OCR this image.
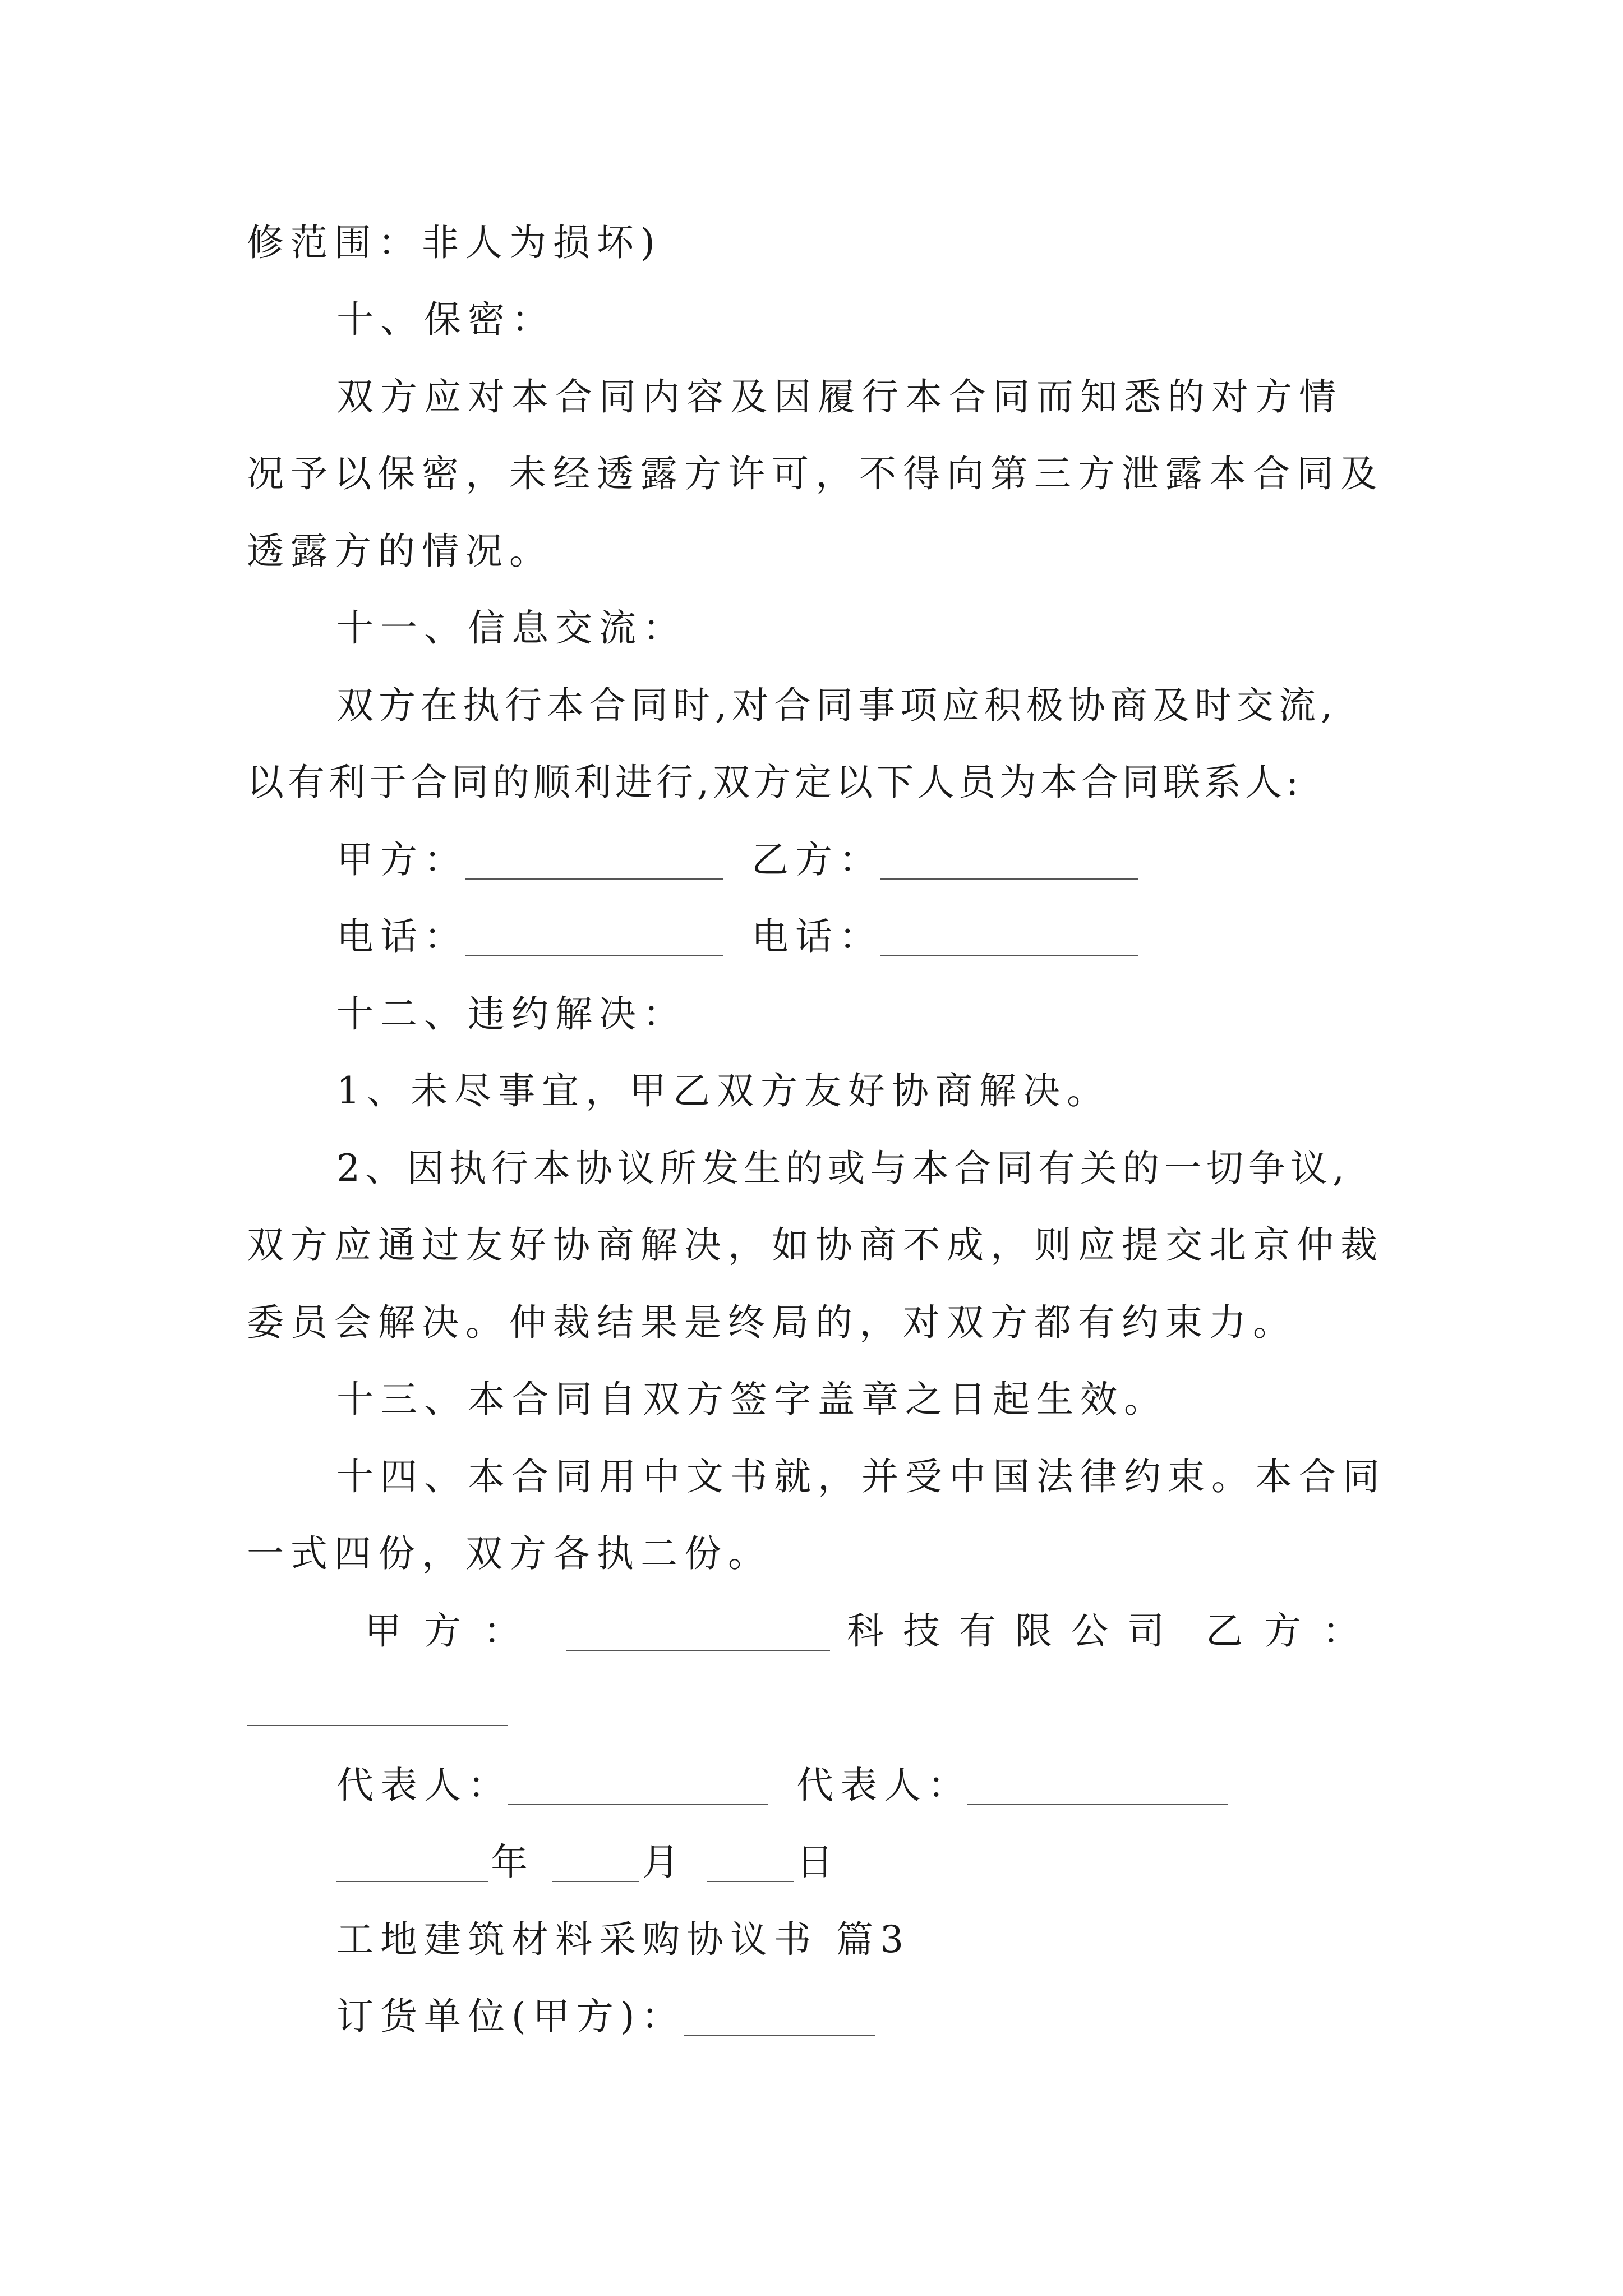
修范围：非人为损坏)
十、保密：
双方应对本合同内容及因履行本合同而知悉的对方情
况予以保密，未经透露方许可，不得向第三方泄露本合同及
透露方的情况。
十一、信息交流：
双方在执行本合同时,对合同事项应积极协商及时交流,
以有利于合同的顺利进行,双方定以下人员为本合同联系人:
甲方：	乙方：
电话：	电话：
十二、违约解决：
1、未尽事宜，甲乙双方友好协商解决。
2、因执行本协议所发生的或与本合同有关的一切争议,
双方应通过友好协商解决，如协商不成，则应提交北京仲裁
委员会解决。仲裁结果是终局的，对双方都有约束力。
十三、本合同自双方签字盖章之日起生效。
十四、本合同用中文书就，并受中国法律约束。本合同
一式四份，双方各执二份。
甲方：	科技有限公司 乙方：
代表人：	代表人：
年	月	日
工地建筑材料采购协议书 篇3
订货单位(甲方)：
